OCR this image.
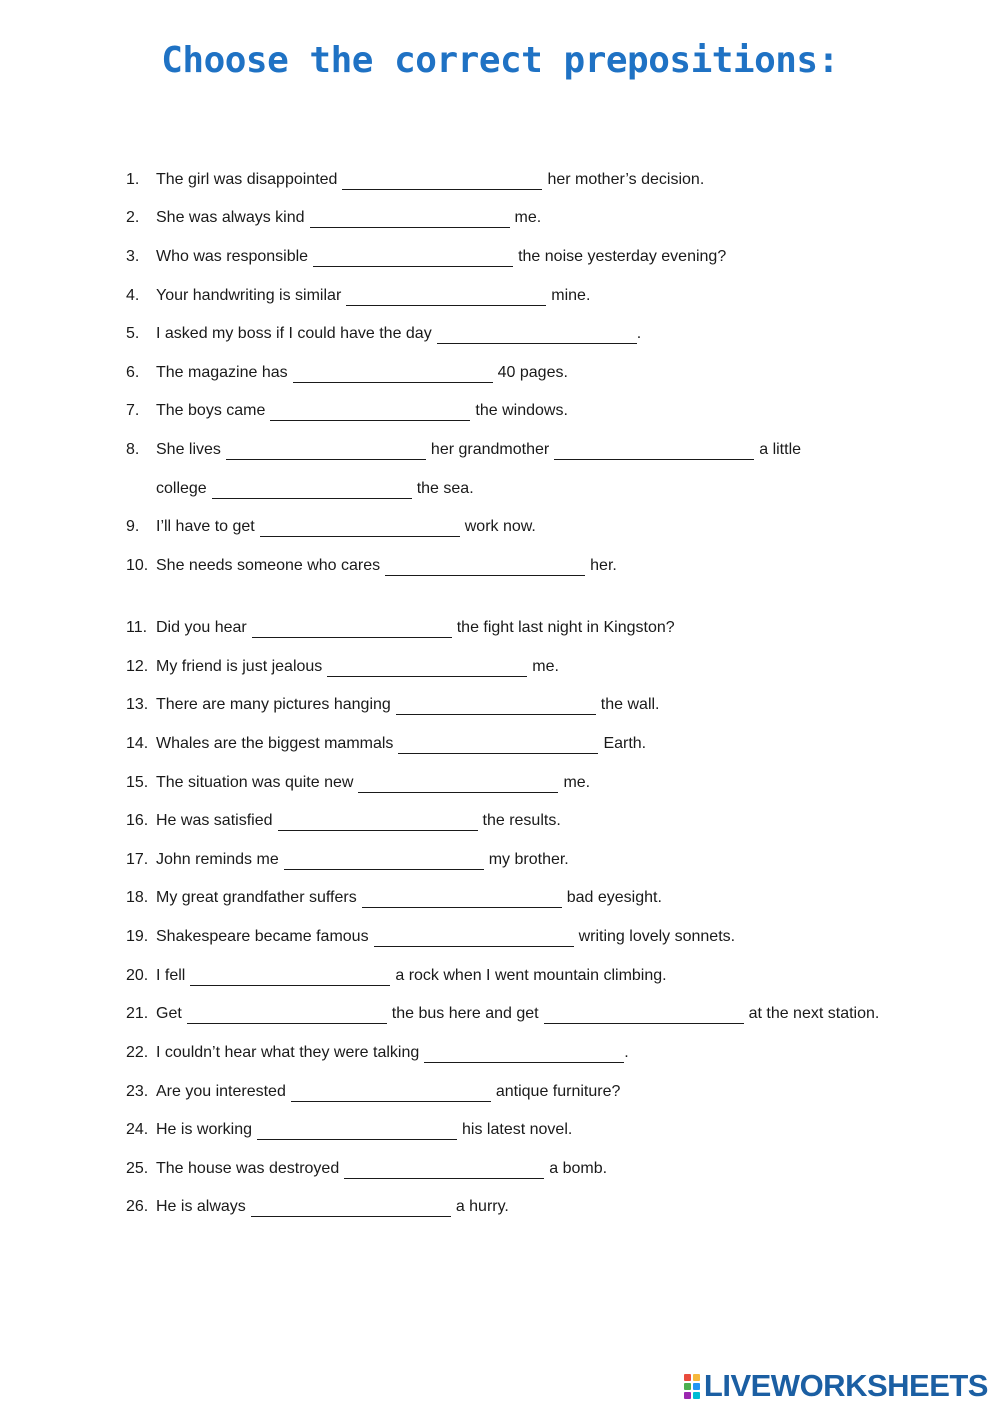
Choose the correct prepositions:
1. The girl was disappointed	her mother’s decision.
2. She was always kind	me.
3. Who was responsible	the noise yesterday evening?
4. Your handwriting is similar	mine.
5. I asked my boss if I could have the day	.
6. The magazine has	40 pages.
7. The boys came	the windows.
8. She lives	her grandmother	a little
college	the sea.
9. I’ll have to get	work now.
10. She needs someone who cares	her.
11. Did you hear	the fight last night in Kingston?
12. My friend is just jealous	me.
13. There are many pictures hanging	the wall.
14. Whales are the biggest mammals	Earth.
15. The situation was quite new	me.
16. He was satisfied	the results.
17. John reminds me	my brother.
18. My great grandfather suffers	bad eyesight.
19. Shakespeare became famous	writing lovely sonnets.
20. I fell	a rock when I went mountain climbing.
21. Get	the bus here and get	at the next station.
22. I couldn’t hear what they were talking	.
23. Are you interested	antique furniture?
24. He is working	his latest novel.
25. The house was destroyed	a bomb.
26. He is always	a hurry.
LIVEWORKSHEETS
